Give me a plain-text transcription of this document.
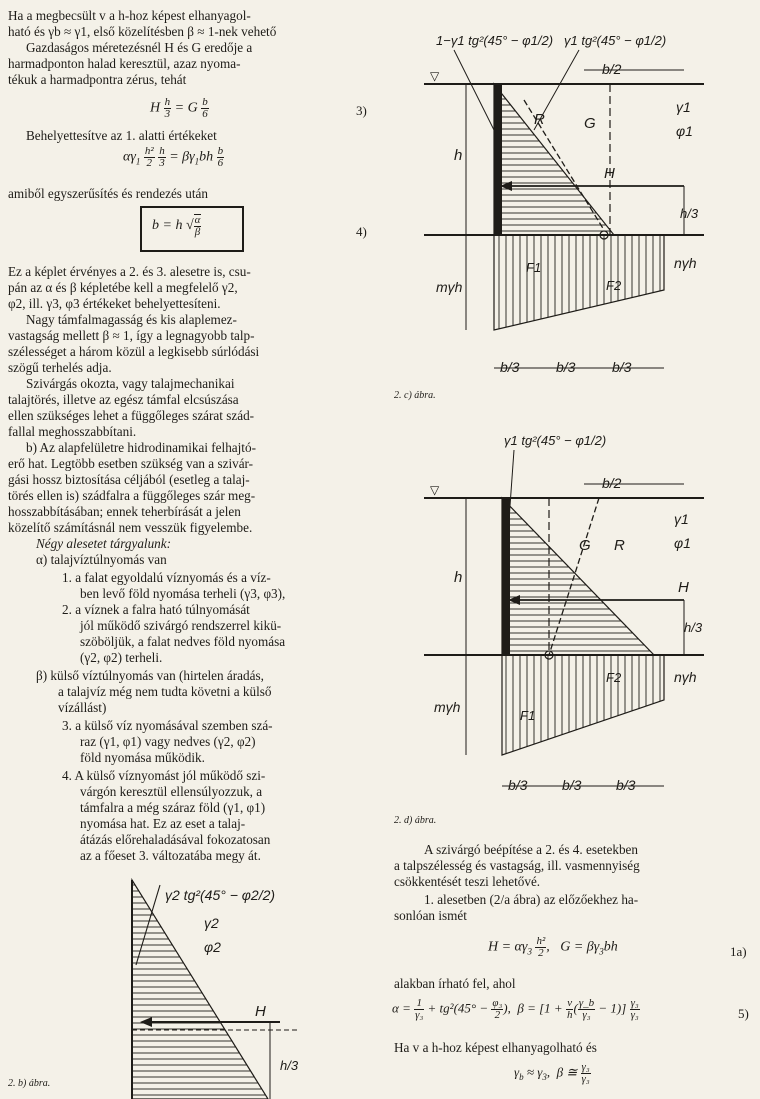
Ha a megbecsült v a h-hoz képest elhanyagol-
ható és γb ≈ γ1, első közelítésben β ≈ 1-nek vehető
Gazdaságos méretezésnél H és G eredője a
harmadponton halad keresztül, azaz nyoma-
tékuk a harmadpontra zérus, tehát
H $\frac{h}{3} = G \frac{b}{6}$	3)
Behelyettesítve az 1. alatti értékeket
$\alpha\gamma_1 \frac{\text{h²}}{2}$
$\frac{h}{3} = \beta\gamma_1bh \frac{b}{6}$
amiből egyszerűsítés és rendezés után
b = h √ $\frac{\alpha}{\beta}$	4)
Ez a képlet érvényes a 2. és 3. alesetre is, csu-
pán az α és β képletébe kell a megfelelő γ2,
φ2, ill. γ3, φ3 értékeket behelyettesíteni.
Nagy támfalmagasság és kis alaplemez-
vastagság mellett β ≈ 1, így a legnagyobb talp-
szélességet a három közül a legkisebb súrlódási
szögű terhelés adja.
Szivárgás okozta, vagy talajmechanikai
talajtörés, illetve az egész támfal elcsúszása
ellen szükséges lehet a függőleges szárat szád-
fallal meghosszabbítani.
b) Az alapfelületre hidrodinamikai felhajtó-
erő hat. Legtöbb esetben szükség van a szivár-
gási hossz biztosítása céljából (esetleg a talaj-
törés ellen is) szádfalra a függőleges szár meg-
hosszabbításában; ennek teherbírását a jelen
közelítő számításnál nem vesszük figyelembe.
Négy alesetet tárgyalunk:
α) talajvíztúlnyomás van
1. a falat egyoldalú víznyomás és a víz-
ben levő föld nyomása terheli (γ3, φ3),
2. a víznek a falra ható túlnyomását
jól működő szivárgó rendszerrel kikü-
szöböljük, a falat nedves föld nyomása
(γ2, φ2) terheli.
β) külső víztúlnyomás van (hirtelen áradás,
a talajvíz még nem tudta követni a külső
vízállást)
3. a külső víz nyomásával szemben szá-
raz (γ1, φ1) vagy nedves (γ2, φ2)
föld nyomása működik.
4. A külső víznyomást jól működő szi-
várgón keresztül ellensúlyozzuk, a
támfalra a még száraz föld (γ1, φ1)
nyomása hat. Ez az eset a talaj-
átázás előrehaladásával fokozatosan
az a főeset 3. változatába megy át.
γ2 tg²(45° − φ2/2)
γ2
φ2
H
h/3
2. b) ábra.
1−γ1 tg²(45° − φ1/2) γ1 tg²(45° − φ1/2)
▽	b/2
γ1
φ1
G
R
H
h
h/3
F1
F2
mγh
nγh
b/3	b/3	b/3
2. c) ábra.
γ1 tg²(45° − φ1/2)
▽	b/2
γ1
φ1
G R
H
h
h/3
F1
F2
mγh
nγh
b/3 b/3 b/3
2. d) ábra.
A szivárgó beépítése a 2. és 4. esetekben
a talpszélesség és vastagság, ill. vasmennyiség
csökkentését teszi lehetővé.
1. alesetben (2/a ábra) az előzőekhez ha-
sonlóan ismét
$H = \alpha\gamma_3 \frac{\text{h²}}{2}$ ,   $G = \beta\gamma_3bh$	1a)
alakban írható fel, ahol
$\alpha = \frac{1}{\text{γ₃}} + tg^2(45^\circ - \frac{\text{φ₃}}{2}$ ),  $\beta = [1 + \frac{v}{h}$ ( $\frac{\gamma\_b}{\text{γ₃}} - 1)] \frac{\text{γ₃}}{\text{γ₃}}$	5)
Ha v a h-hoz képest elhanyagolható és
$\gamma_b \approx \gamma_3$,  β ≅ $\frac{\text{γ₃}}{\text{γ₃}}$
